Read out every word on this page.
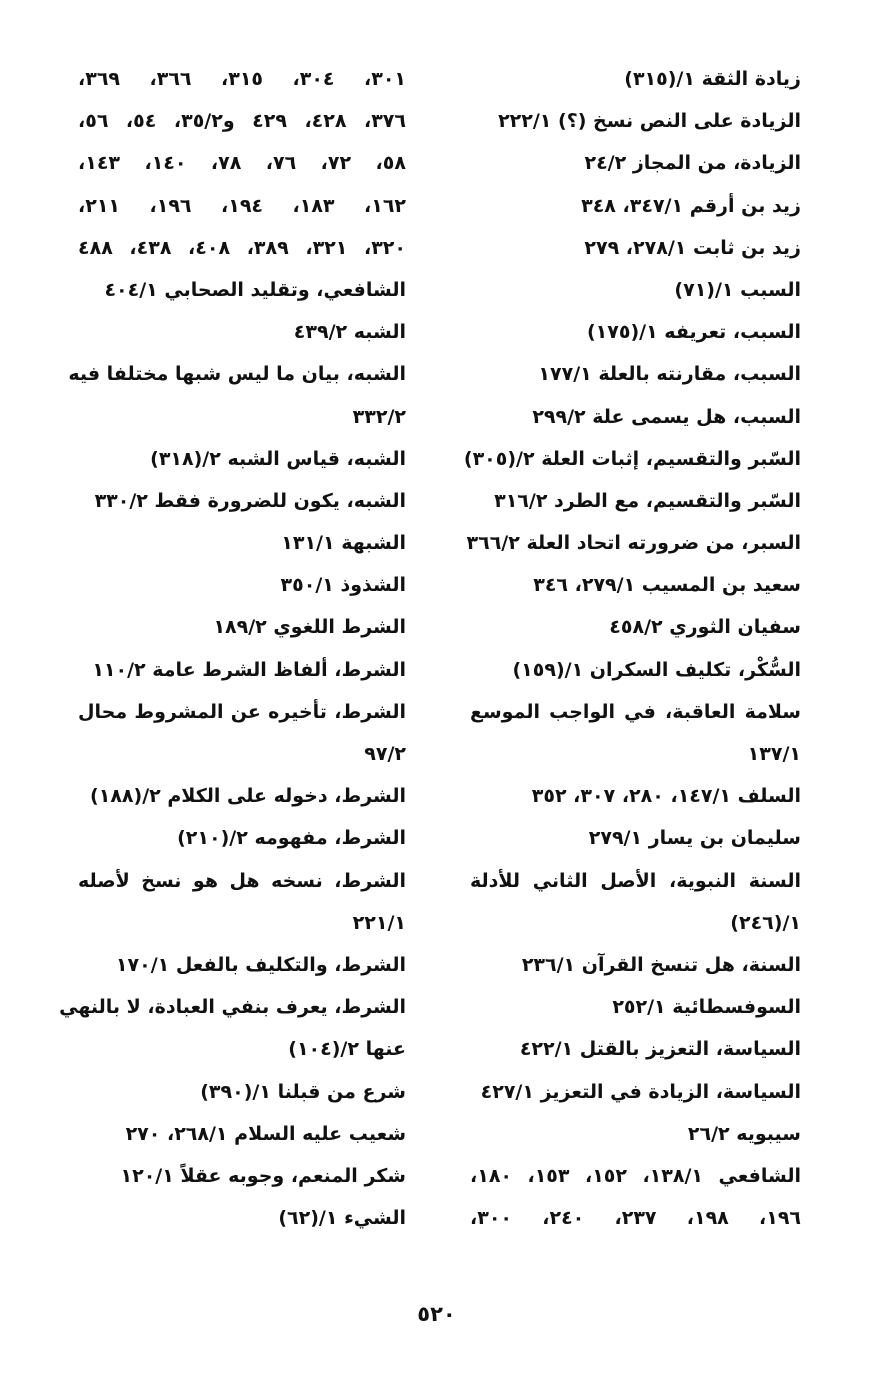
زيادة الثقة ١/(٣١٥)
الزيادة على النص نسخ (؟) ٢٢٢/١
الزيادة، من المجاز ٢٤/٢
زيد بن أرقم ٣٤٧/١، ٣٤٨
زيد بن ثابت ٢٧٨/١، ٢٧٩
السبب ١/(٧١)
السبب، تعريفه ١/(١٧٥)
السبب، مقارنته بالعلة ١٧٧/١
السبب، هل يسمى علة ٢٩٩/٢
السّبر والتقسيم، إثبات العلة ٢/(٣٠٥)
السّبر والتقسيم، مع الطرد ٣١٦/٢
السبر، من ضرورته اتحاد العلة ٣٦٦/٢
سعيد بن المسيب ٢٧٩/١، ٣٤٦
سفيان الثوري ٤٥٨/٢
السُّكْر، تكليف السكران ١/(١٥٩)
سلامة العاقبة، في الواجب الموسع
١٣٧/١
السلف ١٤٧/١، ٢٨٠، ٣٠٧، ٣٥٢
سليمان بن يسار ٢٧٩/١
السنة النبوية، الأصل الثاني للأدلة
١/(٢٤٦)
السنة، هل تنسخ القرآن ٢٣٦/١
السوفسطائية ٢٥٢/١
السياسة، التعزيز بالقتل ٤٢٢/١
السياسة، الزيادة في التعزيز ٤٢٧/١
سيبويه ٢٦/٢
الشافعي ١٣٨/١، ١٥٢، ١٥٣، ١٨٠،
١٩٦، ١٩٨، ٢٣٧، ٢٤٠، ٣٠٠،
٣٠١، ٣٠٤، ٣١٥، ٣٦٦، ٣٦٩،
٣٧٦، ٤٢٨، ٤٢٩ و٣٥/٢، ٥٤، ٥٦،
٥٨، ٧٢، ٧٦، ٧٨، ١٤٠، ١٤٣،
١٦٢، ١٨٣، ١٩٤، ١٩٦، ٢١١،
٣٢٠، ٣٢١، ٣٨٩، ٤٠٨، ٤٣٨، ٤٨٨
الشافعي، وتقليد الصحابي ٤٠٤/١
الشبه ٤٣٩/٢
الشبه، بيان ما ليس شبها مختلفا فيه
٣٣٢/٢
الشبه، قياس الشبه ٢/(٣١٨)
الشبه، يكون للضرورة فقط ٣٣٠/٢
الشبهة ١٣١/١
الشذوذ ٣٥٠/١
الشرط اللغوي ١٨٩/٢
الشرط، ألفاظ الشرط عامة ١١٠/٢
الشرط، تأخيره عن المشروط محال
٩٧/٢
الشرط، دخوله على الكلام ٢/(١٨٨)
الشرط، مفهومه ٢/(٢١٠)
الشرط، نسخه هل هو نسخ لأصله
٢٢١/١
الشرط، والتكليف بالفعل ١٧٠/١
الشرط، يعرف بنفي العبادة، لا بالنهي
عنها ٢/(١٠٤)
شرع من قبلنا ١/(٣٩٠)
شعيب عليه السلام ٢٦٨/١، ٢٧٠
شكر المنعم، وجوبه عقلاً ١٢٠/١
الشيء ١/(٦٢)
٥٢٠
